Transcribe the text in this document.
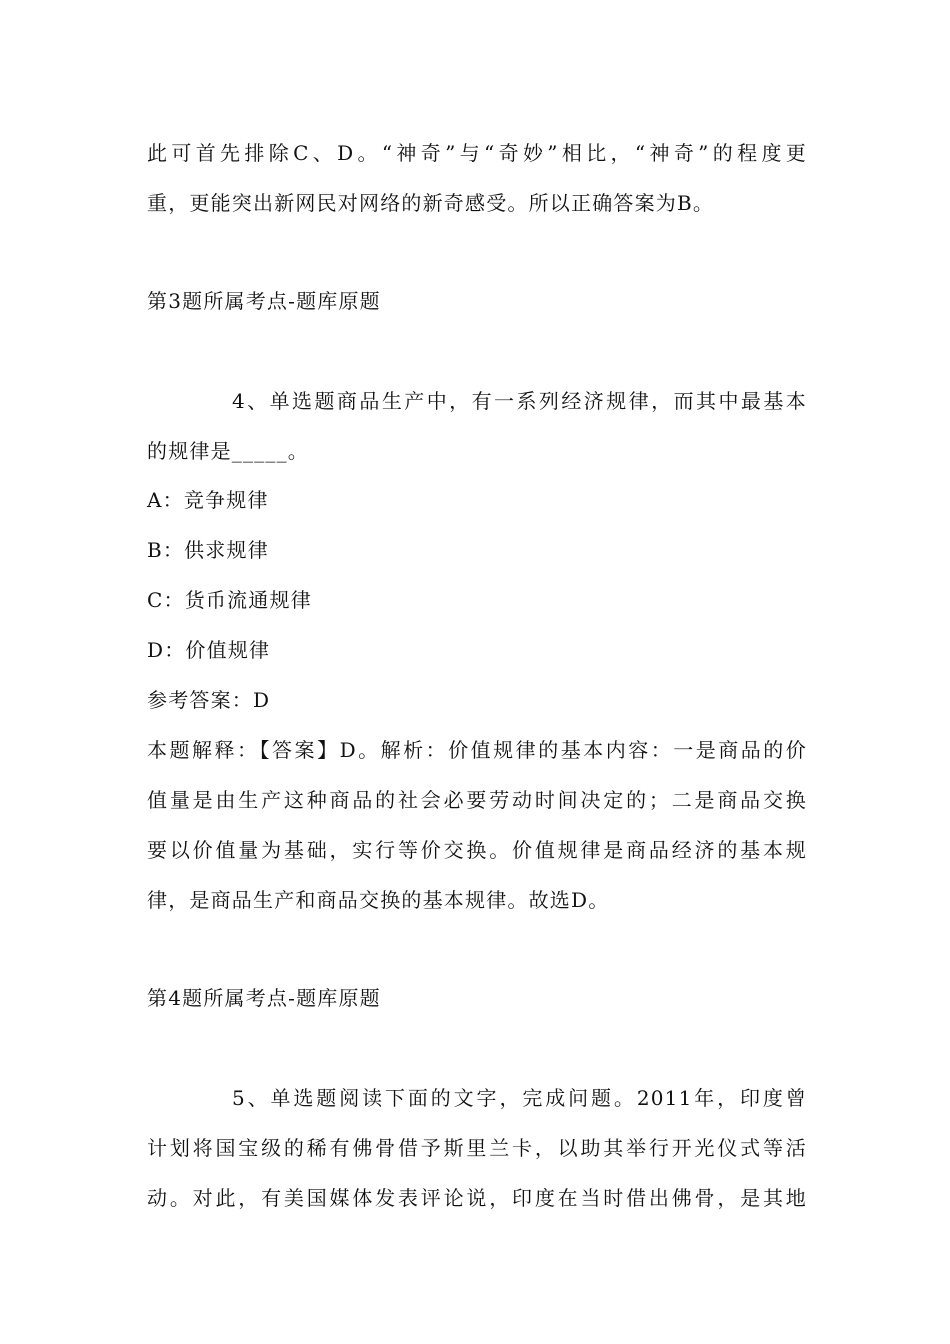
此可首先排除C、D。“神奇”与“奇妙”相比，“神奇”的程度更
重，更能突出新网民对网络的新奇感受。所以正确答案为B。
第3题所属考点-题库原题
4、单选题商品生产中，有一系列经济规律，而其中最基本
的规律是_____。
A：竞争规律
B：供求规律
C：货币流通规律
D：价值规律
参考答案：D
本题解释：【答案】D。解析：价值规律的基本内容：一是商品的价
值量是由生产这种商品的社会必要劳动时间决定的；二是商品交换
要以价值量为基础，实行等价交换。价值规律是商品经济的基本规
律，是商品生产和商品交换的基本规律。故选D。
第4题所属考点-题库原题
5、单选题阅读下面的文字，完成问题。2011年，印度曾
计划将国宝级的稀有佛骨借予斯里兰卡，以助其举行开光仪式等活
动。对此，有美国媒体发表评论说，印度在当时借出佛骨，是其地
